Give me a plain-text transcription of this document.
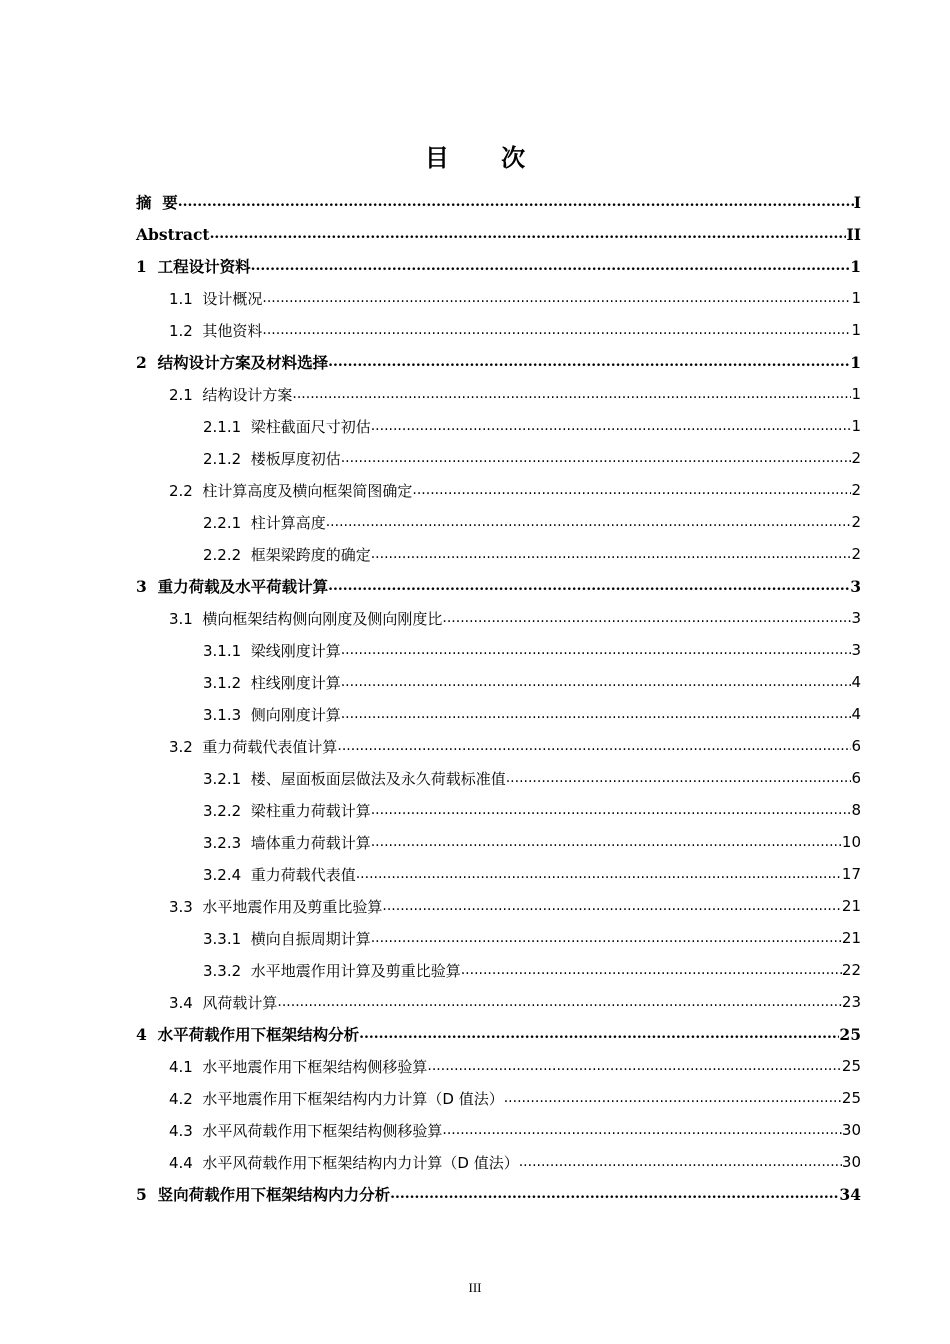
目 次
摘  要 .....	I
Abstract .....	II
1  工程设计资料 .....	1
1.1  设计概况 .....	1
1.2  其他资料 .....	1
2  结构设计方案及材料选择 .....	1
2.1  结构设计方案 .....	1
2.1.1  梁柱截面尺寸初估 .....	1
2.1.2  楼板厚度初估 .....	2
2.2  柱计算高度及横向框架简图确定 .....	2
2.2.1  柱计算高度 .....	2
2.2.2  框架梁跨度的确定 .....	2
3  重力荷载及水平荷载计算 .....	3
3.1  横向框架结构侧向刚度及侧向刚度比 .....	3
3.1.1  梁线刚度计算 .....	3
3.1.2  柱线刚度计算 .....	4
3.1.3  侧向刚度计算 .....	4
3.2  重力荷载代表值计算 .....	6
3.2.1  楼、屋面板面层做法及永久荷载标准值 .....	6
3.2.2  梁柱重力荷载计算 .....	8
3.2.3  墙体重力荷载计算 .....	10
3.2.4  重力荷载代表值 .....	17
3.3  水平地震作用及剪重比验算 .....	21
3.3.1  横向自振周期计算 .....	21
3.3.2  水平地震作用计算及剪重比验算 .....	22
3.4  风荷载计算 .....	23
4  水平荷载作用下框架结构分析 .....	25
4.1  水平地震作用下框架结构侧移验算 .....	25
4.2  水平地震作用下框架结构内力计算（D 值法） .....	25
4.3  水平风荷载作用下框架结构侧移验算 .....	30
4.4  水平风荷载作用下框架结构内力计算（D 值法） .....	30
5  竖向荷载作用下框架结构内力分析 .....	34
III
